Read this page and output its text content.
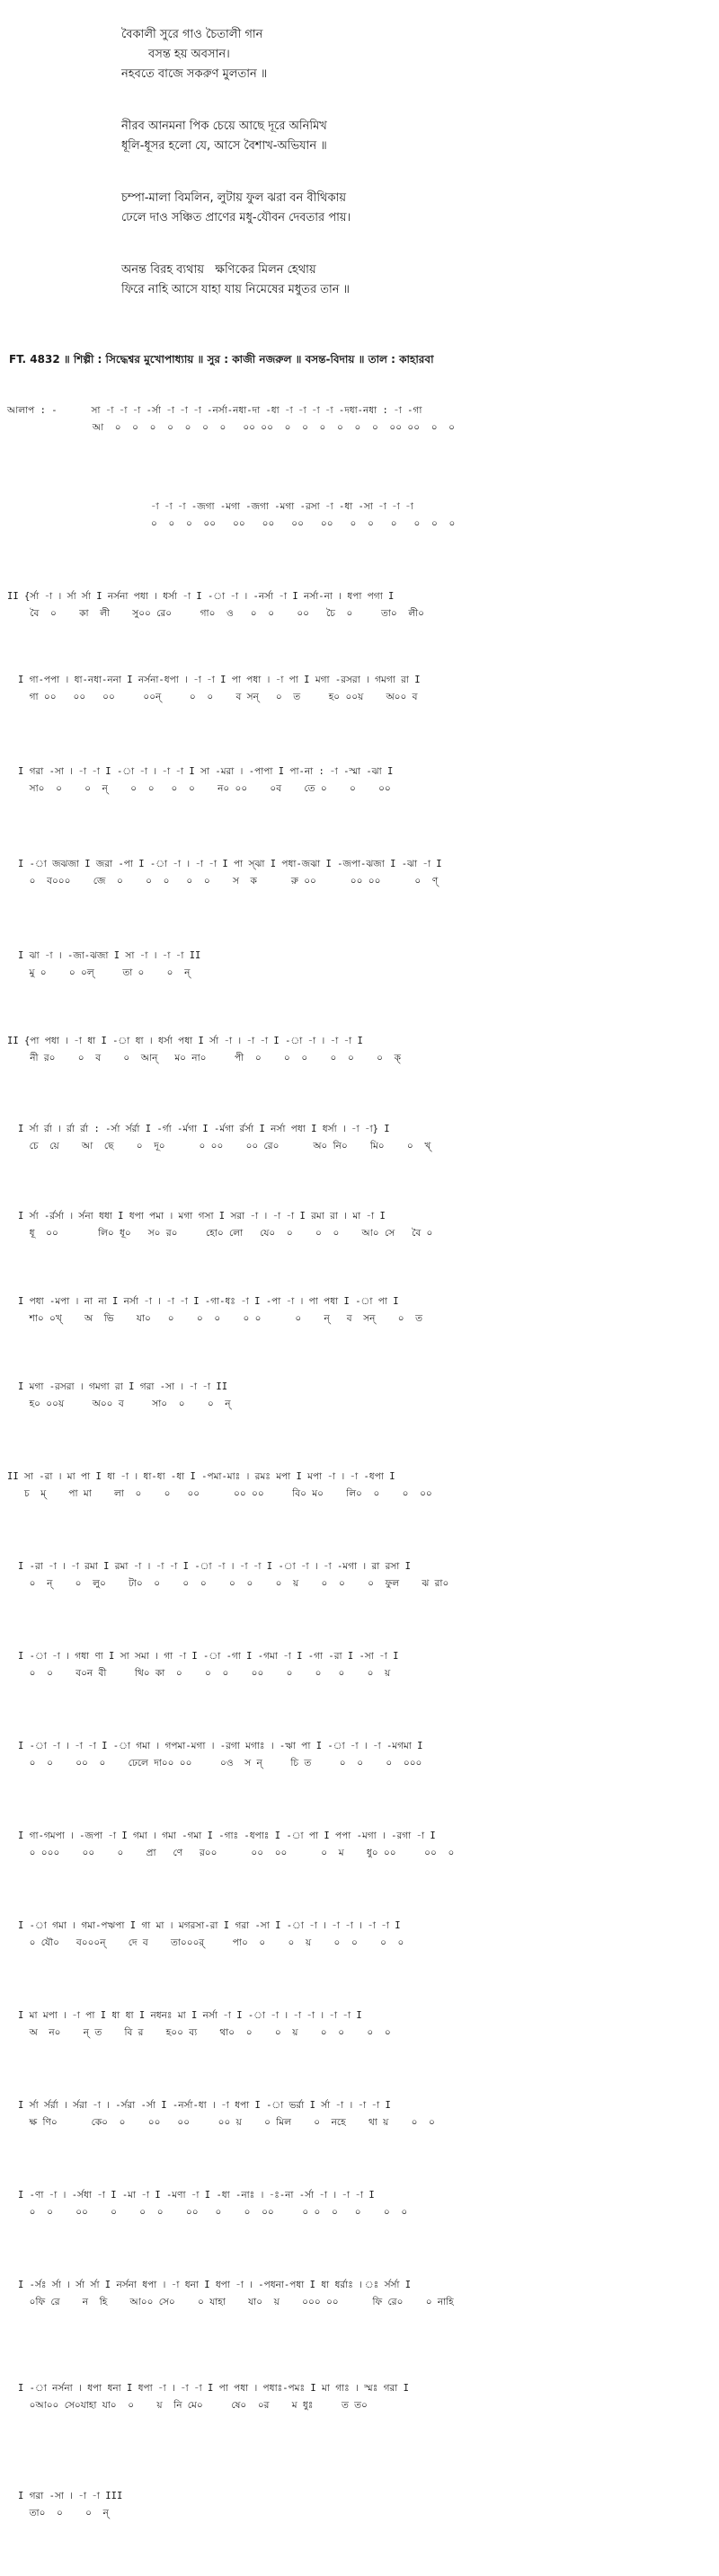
বৈকালী সুরে গাও চৈতালী গান
বসন্ত হয় অবসান।
নহবতে বাজে সকরুণ মুলতান ॥
নীরব আনমনা পিক চেয়ে আছে দূরে অনিমিখ
ধূলি-ধূসর হলো যে, আসে বৈশাখ-অভিযান ॥
চম্পা-মালা বিমলিন, লুটায় ফুল ঝরা বন বীথিকায়
ঢেলে দাও সঞ্চিত প্রাণের মধু-যৌবন দেবতার পায়।
অনন্ত বিরহ ব্যথায়   ক্ষণিকের মিলন হেথায়
ফিরে নাহি আসে যাহা যায় নিমেষের মধুতর তান ॥
FT. 4832 ॥ শিল্পী : সিদ্ধেশ্বর মুখোপাধ্যায় ॥ সুর : কাজী নজরুল ॥ বসন্ত-বিদায় ॥ তাল : কাহারবা
আলাপ : -      সা -া -া -া -র্সা -া -া -া -নর্সা-নধা-দা -ধা -া -া -া -া -দধা-নধা : -া -গা
আ  ০  ০  ০  ০  ০  ০  ০   ০০ ০০  ০  ০  ০  ০  ০  ০  ০০ ০০  ০  ০
-া -া -া -জগা -মগা -জগা -মগা -রসা -া -ধা -সা -া -া -া
০  ০  ০  ০০   ০০   ০০   ০০   ০০   ০  ০   ০   ০  ০  ০
II {র্সা -া । র্সা র্সা I নর্সনা পধা । ধর্সা -া I -া -া । -নর্সা -া I নর্সা-না । ধপা পগা I
বৈ  ০    কা  লী    সু০০ রে০     গা০  ও   ০  ০    ০০   চৈ  ০     তা০  লী০
I গা-পপা । ধা-নধা-ননা I নর্সনা-ধপা । -া -া I পা পধা । -া পা I মগা -রসরা । গমগা রা I
গা ০০   ০০   ০০     ০০ন্     ০  ০    ব সন্   ০  ত     হ০ ০০য়    অ০০ ব
I গরা -সা । -া -া I -া -া । -া -া I সা -মরা । -পাপা I পা-না : -া -স্মা -ঝা I
সা০  ০    ০  ন্    ০  ০   ০  ০    ন০ ০০    ০ব    তে ০    ০    ০০
I -া জঝজা I জরা -পা I -া -া । -া -া I পা স্ঝা I পধা-জঝা I -জপা-ঝজা I -ঝা -া I
০  ব০০০    জে  ০    ০  ০   ০  ০    স  ক      রু ০০      ০০ ০০      ০  ণ্
I ঝা -া । -জা-ঝজা I সা -া । -া -া II
মু ০    ০ ০ল্     তা ০    ০  ন্
II {পা পধা । -া ধা I -া ধা । ধর্সা পধা I র্সা -া । -া -া I -া -া । -া -া I
নী র০    ০  ব    ০  আন্   ম০ না০     পী  ০    ০  ০    ০  ০    ০  ক্
I র্সা র্রা । র্রা র্রা : -র্সা র্সর্রা I -র্গা -র্মগা I -র্মগা র্রর্সা I নর্সা পধা I ধর্সা । -া -া} I
চে  য়ে    আ  ছে    ০  দূ০      ০ ০০    ০০ রে০      অ০ নি০    মি০    ০  খ্
I র্সা -র্রর্সা । র্সনা ধধা I ধপা পমা । মগা গসা I সরা -া । -া -া I রমা রা । মা -া I
ধূ  ০০       লি০ ধূ০   স০ র০     হো০ লো   যে০  ০    ০  ০    আ০ সে   বৈ ০
I পধা -মপা । না না I নর্সা -া । -া -া I -গা-ধঃ -া I -পা -া । পা পধা I -া পা I
শা০ ০খ্    অ  ভি    যা০   ০    ০  ০    ০ ০      ০    ন্   ব  সন্    ০  ত
I মগা -রসরা । গমগা রা I গরা -সা । -া -া II
হ০ ০০য়     অ০০ ব     সা০  ০    ০  ন্
II সা -রা । মা পা I ধা -া । ধা-ধা -ধা I -পমা-মাঃ । রমঃ মপা I মপা -া । -া -ধপা I
চ  ম্    পা মা    লা  ০    ০   ০০      ০০ ০০     বি০ ম০    লি০  ০    ০  ০০
I -রা -া । -া রমা I রমা -া । -া -া I -া -া । -া -া I -া -া । -া -মগা । রা রসা I
০  ন্    ০  লু০    টা০  ০    ০  ০    ০  ০    ০  য়    ০  ০    ০  ফুল    ঝ রা০
I -া -া । গধা ণা I সা সমা । গা -া I -া -গা I -গমা -া I -গা -রা I -সা -া I
০  ০    ব০ন বী     থি০ কা  ০    ০  ০    ০০    ০    ০   ০    ০  য়
I -া -া । -া -া I -া গমা । গপমা-মগা । -রগা মগাঃ । -ঋা পা I -া -া । -া -মগমা I
০  ০    ০০  ০    ঢেলে দা০০ ০০     ০ও  স ন্     চি ত     ০  ০    ০  ০০০
I গা-গমপা । -জপা -া I গমা । গমা -গমা I -গাঃ -ধপাঃ I -া পা I পপা -মগা । -রগা -া I
০ ০০০    ০০    ০    প্রা   ণে   র০০      ০০  ০০      ০  ম    ধু০ ০০     ০০  ০
I -া গমা । গমা-পঋপা I গা মা । মগরসা-রা I গরা -সা I -া -া । -া -া । -া -া I
০ যৌ০   ব০০০ন্    দে ব    তা০০০র্     পা০  ০    ০  য়    ০  ০    ০  ০
I মা মপা । -া পা I ধা ধা I নধনঃ মা I নর্সা -া I -া -া । -া -া । -া -া I
অ  ন০    ন্ ত    বি র    হ০০ ব্য    থা০  ০    ০  য়    ০  ০    ০  ০
I র্সা র্সর্রা । র্সরা -া । -র্সরা -র্সা I -নর্সা-ধা । -া ধপা I -া ভর্রা I র্সা -া । -া -া I
ক্ষ ণি০      কে০  ০    ০০   ০০     ০০ য়    ০ মিল    ০  নহে    থা য়    ০  ০
I -ণা -া । -র্সধা -া I -মা -া I -মণা -া I -ধা -নাঃ । -ঃ-না -র্সা -া । -া -া I
০  ০    ০০    ০    ০  ০    ০০   ০    ০  ০০     ০ ০  ০   ০    ০  ০
I -র্সঃ র্সা । র্সা র্সা I নর্সনা ধপা । -া ধনা I ধপা -া । -পধনা-পধা I ধা ধর্রাঃ । ঃ র্সর্সা I
০ফি রে    ন  হি    আ০০ সে০    ০ যাহা    যা০  য়    ০০০ ০০      ফি রে০    ০ নাহি
I -া নর্সনা । ধপা ধনা I ধপা -া । -া -া I পা পধা । পধাঃ-পমঃ I মা গাঃ । স্মঃ গরা I
০আ০০ সে০যাহা যা০  ০    য়  নি মে০     ষে০  ০র    ম ধুঃ     ত ত০
I গরা -সা । -া -া III
তা০  ০    ০  ন্
